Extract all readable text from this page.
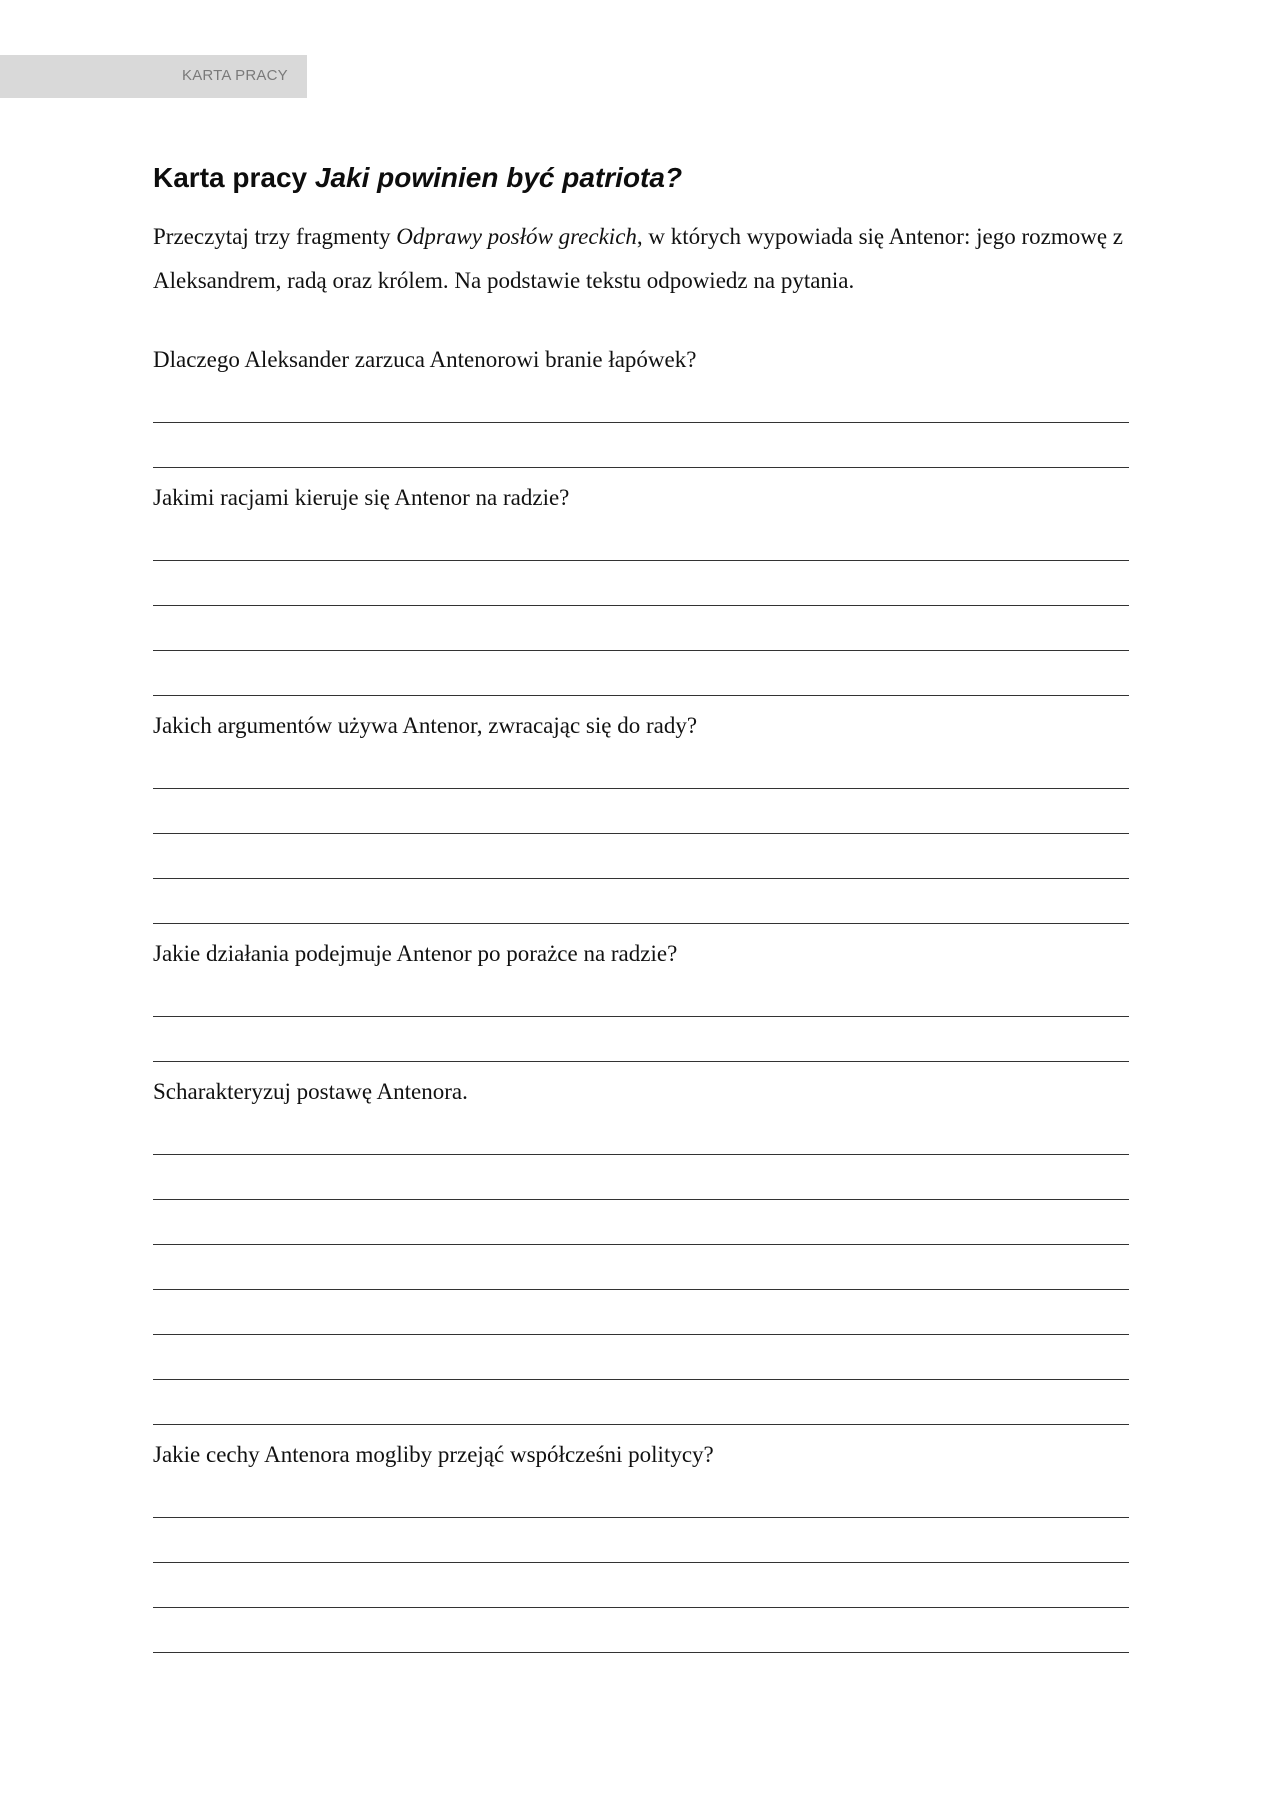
KARTA PRACY
Karta pracy Jaki powinien być patriota?

Przeczytaj trzy fragmenty Odprawy posłów greckich, w których wypowiada się Antenor: jego rozmowę z Aleksandrem, radą oraz królem. Na podstawie tekstu odpowiedz na pytania.

Dlaczego Aleksander zarzuca Antenorowi branie łapówek?
Jakimi racjami kieruje się Antenor na radzie?
Jakich argumentów używa Antenor, zwracając się do rady?
Jakie działania podejmuje Antenor po porażce na radzie?
Scharakteryzuj postawę Antenora.
Jakie cechy Antenora mogliby przejąć współcześni politycy?
